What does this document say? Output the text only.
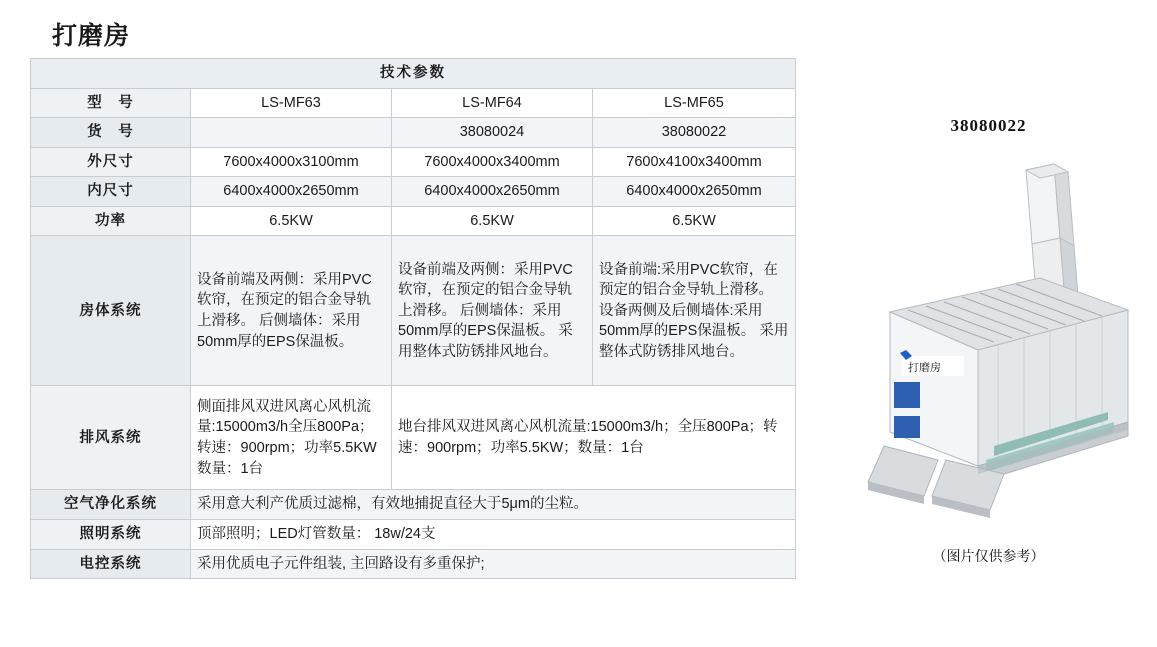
打磨房
技术参数			
型　号	LS-MF63	LS-MF64	LS-MF65
货　号		38080024	38080022
外尺寸	7600x4000x3100mm	7600x4000x3400mm	7600x4100x3400mm
内尺寸	6400x4000x2650mm	6400x4000x2650mm	6400x4000x2650mm
功率	6.5KW	6.5KW	6.5KW
房体系统	设备前端及两侧：采用PVC软帘，在预定的铝合金导轨上滑移。 后侧墙体：采用50mm厚的EPS保温板。	设备前端及两侧：采用PVC软帘，在预定的铝合金导轨上滑移。 后侧墙体：采用50mm厚的EPS保温板。 采用整体式防锈排风地台。	设备前端:采用PVC软帘，在预定的铝合金导轨上滑移。 设备两侧及后侧墙体:采用50mm厚的EPS保温板。 采用整体式防锈排风地台。
排风系统	侧面排风双进风离心风机流量:15000m3/h全压800Pa；转速：900rpm；功率5.5KW数量：1台	地台排风双进风离心风机流量:15000m3/h；全压800Pa；转速：900rpm；功率5.5KW；数量：1台	
空气净化系统	采用意大利产优质过滤棉，有效地捕捉直径大于5μm的尘粒。		
照明系统	顶部照明；LED灯管数量： 18w/24支		
电控系统	采用优质电子元件组装, 主回路设有多重保护;		
38080022
打磨房
（图片仅供参考）
